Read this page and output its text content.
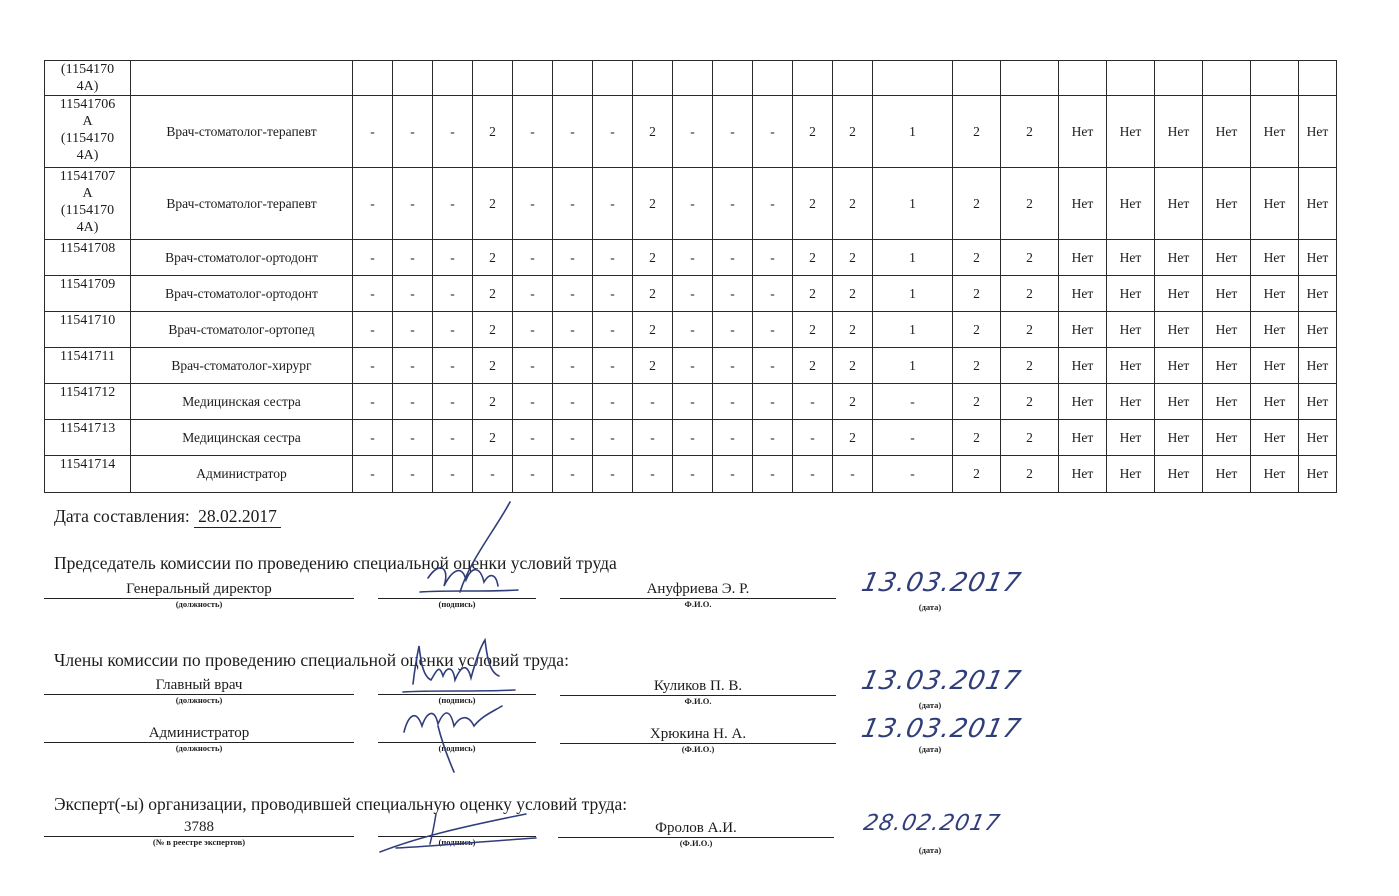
(1154170
4A)																							
11541706
A
(1154170
4A)	Врач-стоматолог-терапевт	-	-	-	2	-	-	-	2	-	-	-	2	2	1	2	2	Нет	Нет	Нет	Нет	Нет	Нет
11541707
A
(1154170
4A)	Врач-стоматолог-терапевт	-	-	-	2	-	-	-	2	-	-	-	2	2	1	2	2	Нет	Нет	Нет	Нет	Нет	Нет
11541708	Врач-стоматолог-ортодонт	-	-	-	2	-	-	-	2	-	-	-	2	2	1	2	2	Нет	Нет	Нет	Нет	Нет	Нет
11541709	Врач-стоматолог-ортодонт	-	-	-	2	-	-	-	2	-	-	-	2	2	1	2	2	Нет	Нет	Нет	Нет	Нет	Нет
11541710	Врач-стоматолог-ортопед	-	-	-	2	-	-	-	2	-	-	-	2	2	1	2	2	Нет	Нет	Нет	Нет	Нет	Нет
11541711	Врач-стоматолог-хирург	-	-	-	2	-	-	-	2	-	-	-	2	2	1	2	2	Нет	Нет	Нет	Нет	Нет	Нет
11541712	Медицинская сестра	-	-	-	2	-	-	-	-	-	-	-	-	2	-	2	2	Нет	Нет	Нет	Нет	Нет	Нет
11541713	Медицинская сестра	-	-	-	2	-	-	-	-	-	-	-	-	2	-	2	2	Нет	Нет	Нет	Нет	Нет	Нет
11541714	Администратор	-	-	-	-	-	-	-	-	-	-	-	-	-	-	2	2	Нет	Нет	Нет	Нет	Нет	Нет
Дата составления: 28.02.2017
Председатель комиссии по проведению специальной оценки условий труда
Генеральный директор
(должность)	(подпись)
Ануфриева Э. Р.
Ф.И.О.	(дата)
13.03.2017
Члены комиссии по проведению специальной оценки условий труда:
Главный врач
(должность)	(подпись)
Куликов П. В.
Ф.И.О.	(дата)
13.03.2017
Администратор
(должность)	(подпись)
Хрюкина Н. А.
(Ф.И.О.)	(дата)
13.03.2017
Эксперт(-ы) организации, проводившей специальную оценку условий труда:
3788
(№ в реестре экспертов)	(подпись)
Фролов А.И.
(Ф.И.О.)
(дата)
28.02.2017
